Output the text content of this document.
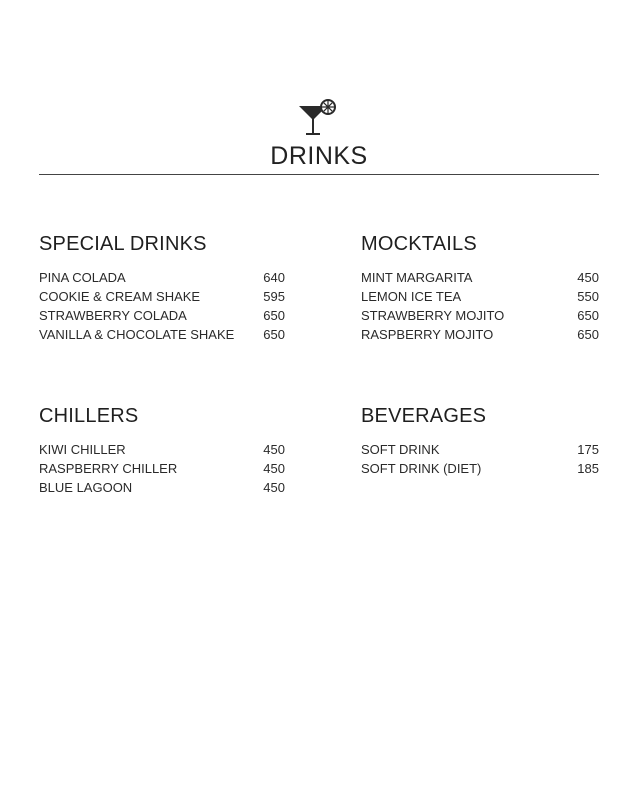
DRINKS
SPECIAL DRINKS
PINA COLADA	640
COOKIE & CREAM SHAKE	595
STRAWBERRY COLADA	650
VANILLA & CHOCOLATE SHAKE 650
MOCKTAILS
MINT MARGARITA	450
LEMON ICE TEA	550
STRAWBERRY MOJITO	650
RASPBERRY MOJITO	650
CHILLERS
KIWI CHILLER	450
RASPBERRY CHILLER	450
BLUE LAGOON	450
BEVERAGES
SOFT DRINK	175
SOFT DRINK (DIET)	185
